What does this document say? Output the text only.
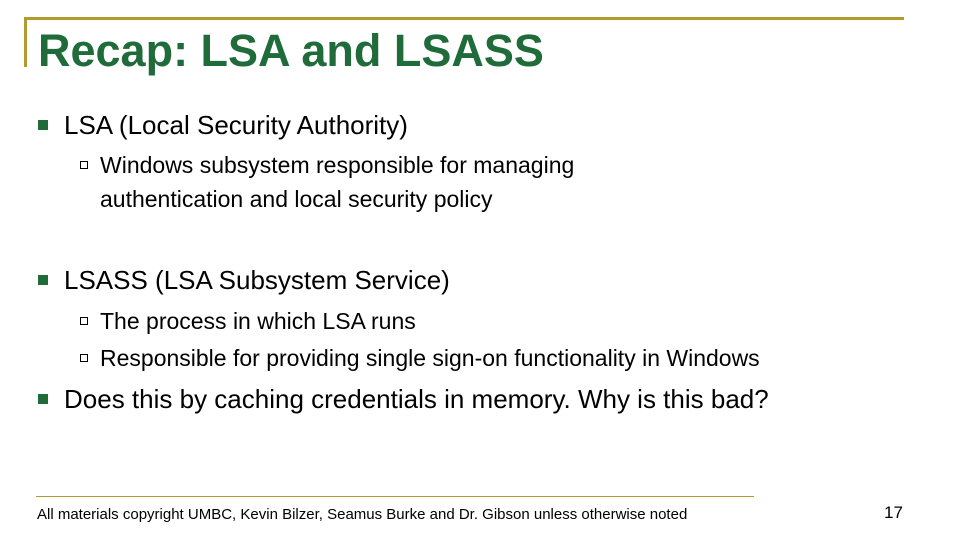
Recap: LSA and LSASS
LSA (Local Security Authority)
Windows subsystem responsible for managing
authentication and local security policy
LSASS (LSA Subsystem Service)
The process in which LSA runs
Responsible for providing single sign-on functionality in Windows
Does this by caching credentials in memory. Why is this bad?
All materials copyright UMBC, Kevin Bilzer, Seamus Burke and Dr. Gibson unless otherwise noted	17
